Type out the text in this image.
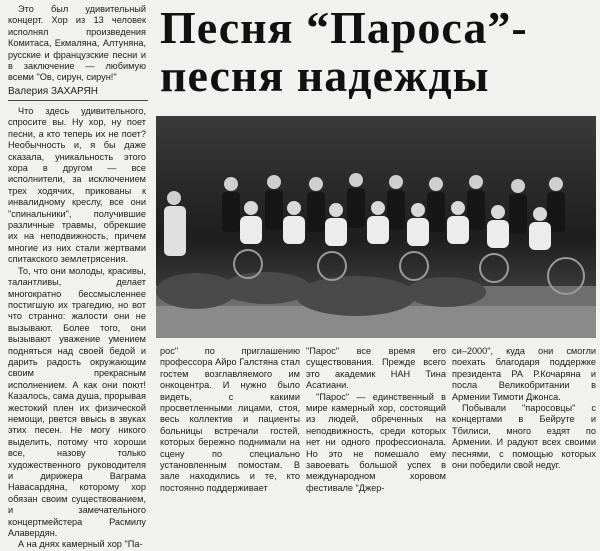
Это был удивительный концерт. Хор из 13 человек исполнял произведения Комитаса, Екмаляна, Алтуняна, русские и французские песни и в заключение — любимую всеми "Ов, сирун, сирун!"

Валерия ЗАХАРЯН

Что здесь удивительного, спросите вы. Ну хор, ну поет песни, а кто теперь их не поет? Необычность и, я бы даже сказала, уникальность этого хора в другом — все исполнители, за исключением трех ходячих, прикованы к инвалидному креслу, все они "спинальники", получившие различные травмы, обрекшие их на неподвижность, причем многие из них стали жертвами спитакского землетрясения.

То, что они молоды, красивы, талантливы, делает многократно бессмысленнее постигшую их трагедию, но вот что странно: жалости они не вызывают. Более того, они вызывают уважение умением подняться над своей бедой и дарить радость окружающим своим прекрасным исполнением. А как они поют! Казалось, сама душа, прорывая жестокий плен их физической немощи, рвется ввысь в звуках этих песен. Не могу никого выделить, потому что хороши все, назову только художественного руководителя и дирижера Ваграма Навасардяна, которому хор обязан своим существованием, и замечательного концертмейстера Расмилу Алавердян.

А на днях камерный хор "Па-

Песня “Пароса”-
песня надежды

рос" по приглашению профессора Айро Галстяна стал гостем возглавляемого им онкоцентра. И нужно было видеть, с какими просветленными лицами, стоя, весь коллектив и пациенты больницы встречали гостей, которых бережно поднимали на сцену по специально установленным помостам. В зале находились и те, кто постоянно поддерживает

"Парос" все время его существования. Прежде всего это академик НАН Тина Асатиани.

"Парос" — единственный в мире камерный хор, состоящий из людей, обреченных на неподвижность, среди которых нет ни одного профессионала. Но это не помешало ему завоевать большой успех в международном хоровом фестивале "Джер-

си–2000", куда они смогли поехать благодаря поддержке президента РА Р.Кочаряна и посла Великобритании в Армении Тимоти Джонса.

Побывали "паросовцы" с концертами в Бейруте и Тбилиси, много ездят по Армении. И радуют всех своими песнями, с помощью которых они победили свой недуг.
